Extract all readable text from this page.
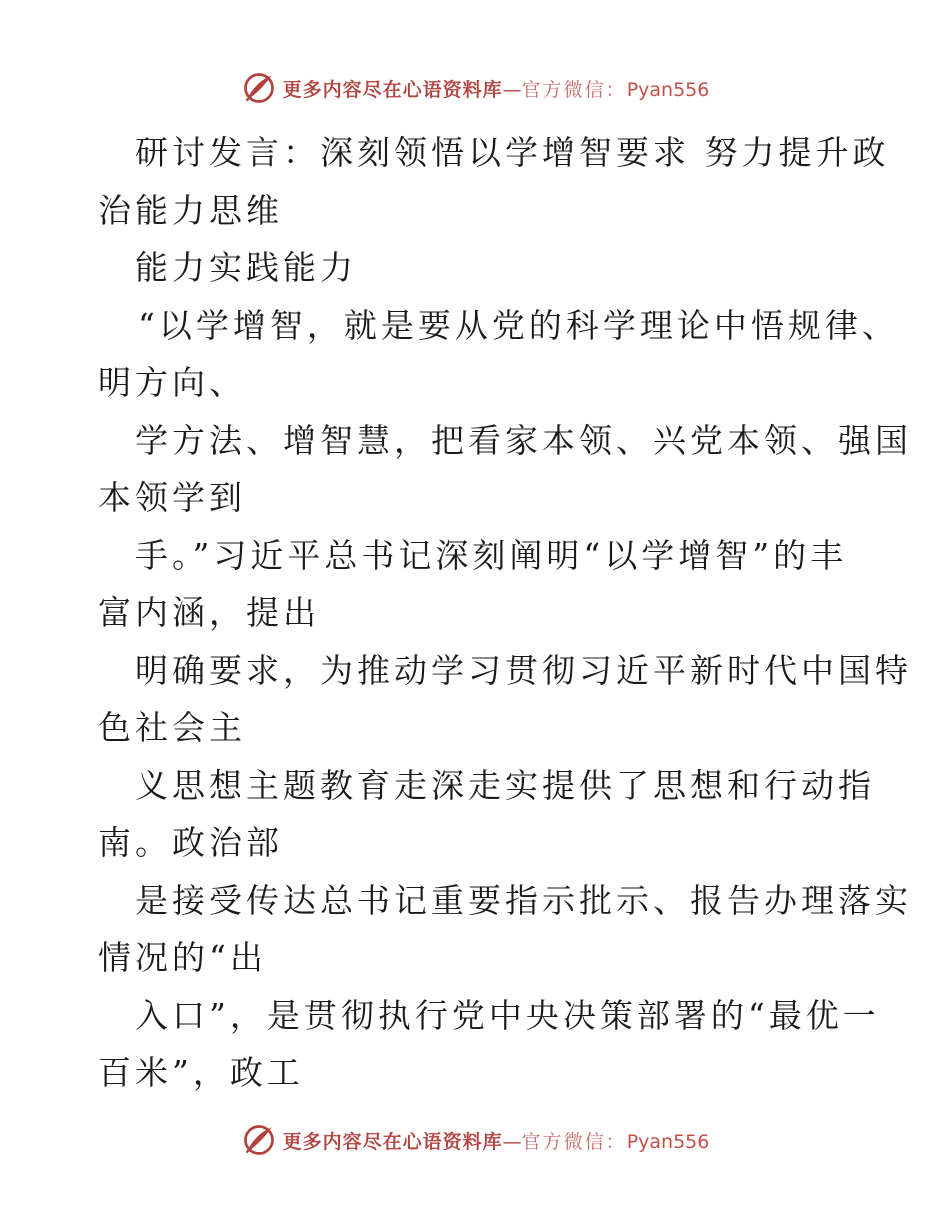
更多内容尽在心语资料库 — 官方微信： Pyan556
研讨发言：深刻领悟以学增智要求 努力提升政
治能力思维
能力实践能力
“以学增智，就是要从党的科学理论中悟规律、
明方向、
学方法、增智慧，把看家本领、兴党本领、强国
本领学到
手。”习近平总书记深刻阐明“以学增智”的丰
富内涵，提出
明确要求，为推动学习贯彻习近平新时代中国特
色社会主
义思想主题教育走深走实提供了思想和行动指
南。政治部
是接受传达总书记重要指示批示、报告办理落实
情况的“出
入口”，是贯彻执行党中央决策部署的“最优一
百米”，政工
更多内容尽在心语资料库 — 官方微信： Pyan556
